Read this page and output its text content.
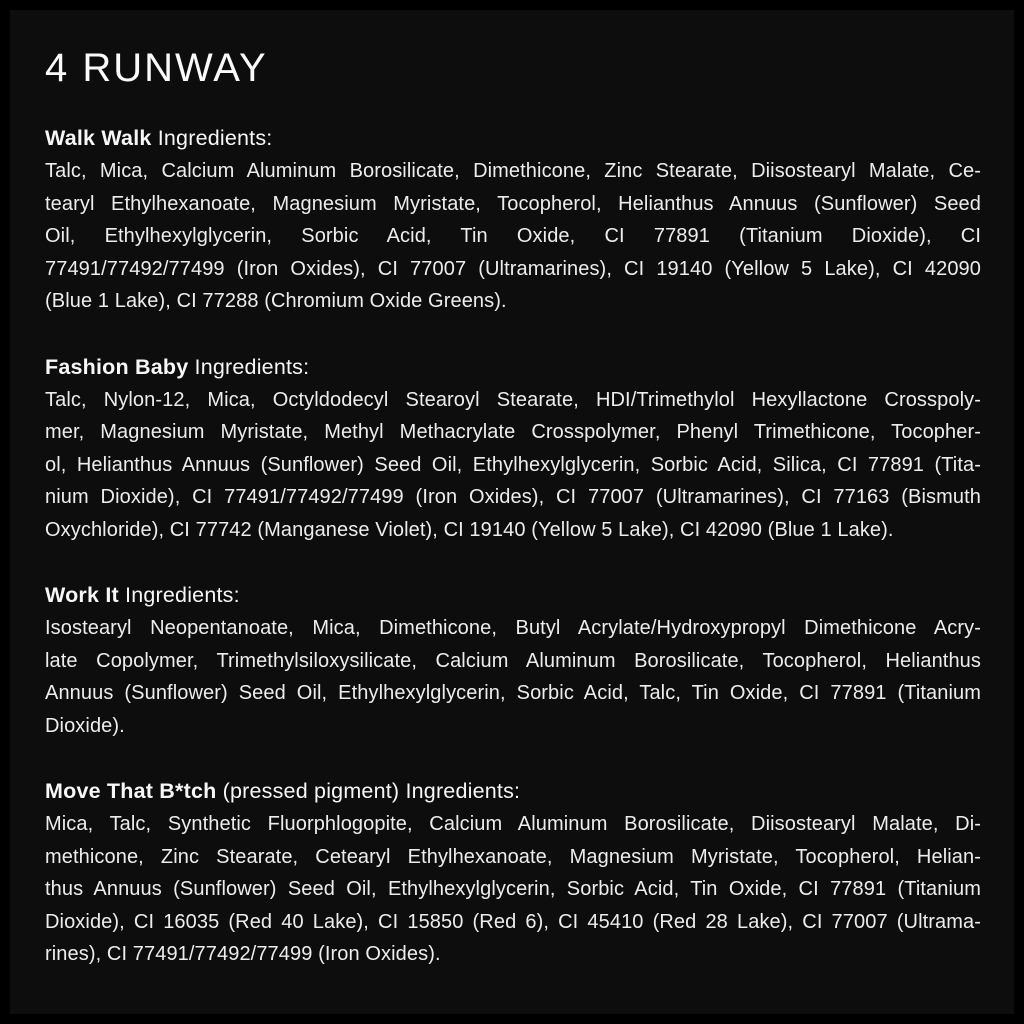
4 RUNWAY
Walk Walk Ingredients:
Talc, Mica, Calcium Aluminum Borosilicate, Dimethicone, Zinc Stearate, Diisostearyl Malate, Ce-
tearyl Ethylhexanoate, Magnesium Myristate, Tocopherol, Helianthus Annuus (Sunflower) Seed
Oil, Ethylhexylglycerin, Sorbic Acid, Tin Oxide, CI 77891 (Titanium Dioxide), CI
77491/77492/77499 (Iron Oxides), CI 77007 (Ultramarines), CI 19140 (Yellow 5 Lake), CI 42090
(Blue 1 Lake), CI 77288 (Chromium Oxide Greens).
Fashion Baby Ingredients:
Talc, Nylon-12, Mica, Octyldodecyl Stearoyl Stearate, HDI/Trimethylol Hexyllactone Crosspoly-
mer, Magnesium Myristate, Methyl Methacrylate Crosspolymer, Phenyl Trimethicone, Tocopher-
ol, Helianthus Annuus (Sunflower) Seed Oil, Ethylhexylglycerin, Sorbic Acid, Silica, CI 77891 (Tita-
nium Dioxide), CI 77491/77492/77499 (Iron Oxides), CI 77007 (Ultramarines), CI 77163 (Bismuth
Oxychloride), CI 77742 (Manganese Violet), CI 19140 (Yellow 5 Lake), CI 42090 (Blue 1 Lake).
Work It Ingredients:
Isostearyl Neopentanoate, Mica, Dimethicone, Butyl Acrylate/Hydroxypropyl Dimethicone Acry-
late Copolymer, Trimethylsiloxysilicate, Calcium Aluminum Borosilicate, Tocopherol, Helianthus
Annuus (Sunflower) Seed Oil, Ethylhexylglycerin, Sorbic Acid, Talc, Tin Oxide, CI 77891 (Titanium
Dioxide).
Move That B*tch (pressed pigment) Ingredients:
Mica, Talc, Synthetic Fluorphlogopite, Calcium Aluminum Borosilicate, Diisostearyl Malate, Di-
methicone, Zinc Stearate, Cetearyl Ethylhexanoate, Magnesium Myristate, Tocopherol, Helian-
thus Annuus (Sunflower) Seed Oil, Ethylhexylglycerin, Sorbic Acid, Tin Oxide, CI 77891 (Titanium
Dioxide), CI 16035 (Red 40 Lake), CI 15850 (Red 6), CI 45410 (Red 28 Lake), CI 77007 (Ultrama-
rines), CI 77491/77492/77499 (Iron Oxides).
